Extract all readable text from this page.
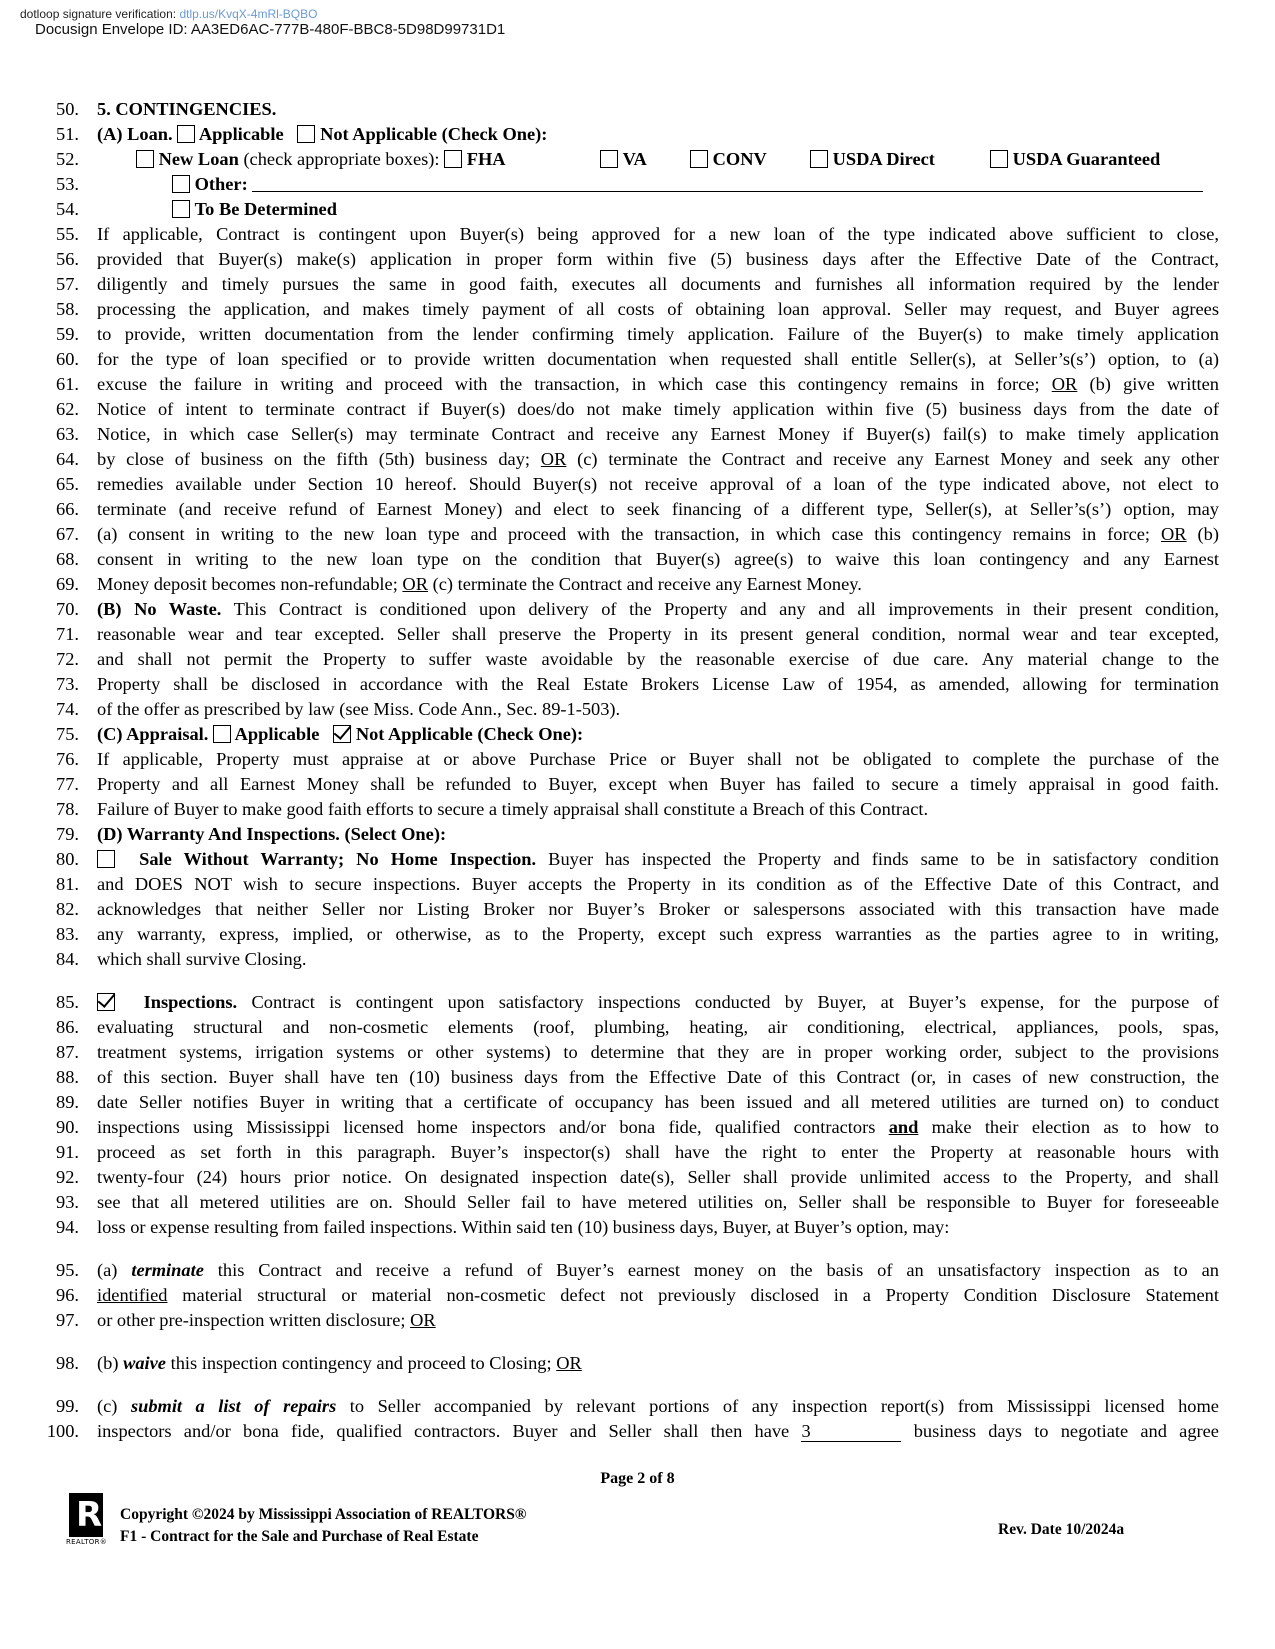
dotloop signature verification: dtlp.us/KvqX-4mRl-BQBO
Docusign Envelope ID: AA3ED6AC-777B-480F-BBC8-5D98D99731D1
50. 5. CONTINGENCIES.
51. (A) Loan. Applicable Not Applicable (Check One):
52.	New Loan (check appropriate boxes): FHA	VA	CONV	USDA Direct	USDA Guaranteed
53.	Other:
54.	To Be Determined
55. If applicable, Contract is contingent upon Buyer(s) being approved for a new loan of the type indicated above sufficient to close,
56. provided that Buyer(s) make(s) application in proper form within five (5) business days after the Effective Date of the Contract,
57. diligently and timely pursues the same in good faith, executes all documents and furnishes all information required by the lender
58. processing the application, and makes timely payment of all costs of obtaining loan approval. Seller may request, and Buyer agrees
59. to provide, written documentation from the lender confirming timely application. Failure of the Buyer(s) to make timely application
60. for the type of loan specified or to provide written documentation when requested shall entitle Seller(s), at Seller’s(s’) option, to (a)
61. excuse the failure in writing and proceed with the transaction, in which case this contingency remains in force; OR (b) give written
62. Notice of intent to terminate contract if Buyer(s) does/do not make timely application within five (5) business days from the date of
63. Notice, in which case Seller(s) may terminate Contract and receive any Earnest Money if Buyer(s) fail(s) to make timely application
64. by close of business on the fifth (5th) business day; OR (c) terminate the Contract and receive any Earnest Money and seek any other
65. remedies available under Section 10 hereof. Should Buyer(s) not receive approval of a loan of the type indicated above, not elect to
66. terminate (and receive refund of Earnest Money) and elect to seek financing of a different type, Seller(s), at Seller’s(s’) option, may
67. (a) consent in writing to the new loan type and proceed with the transaction, in which case this contingency remains in force; OR (b)
68. consent in writing to the new loan type on the condition that Buyer(s) agree(s) to waive this loan contingency and any Earnest
69. Money deposit becomes non-refundable; OR (c) terminate the Contract and receive any Earnest Money.
70. (B) No Waste. This Contract is conditioned upon delivery of the Property and any and all improvements in their present condition,
71. reasonable wear and tear excepted. Seller shall preserve the Property in its present general condition, normal wear and tear excepted,
72. and shall not permit the Property to suffer waste avoidable by the reasonable exercise of due care. Any material change to the
73. Property shall be disclosed in accordance with the Real Estate Brokers License Law of 1954, as amended, allowing for termination
74. of the offer as prescribed by law (see Miss. Code Ann., Sec. 89-1-503).
75. (C) Appraisal. Applicable Not Applicable (Check One):
76. If applicable, Property must appraise at or above Purchase Price or Buyer shall not be obligated to complete the purchase of the
77. Property and all Earnest Money shall be refunded to Buyer, except when Buyer has failed to secure a timely appraisal in good faith.
78. Failure of Buyer to make good faith efforts to secure a timely appraisal shall constitute a Breach of this Contract.
79. (D) Warranty And Inspections. (Select One):
80.	Sale Without Warranty; No Home Inspection. Buyer has inspected the Property and finds same to be in satisfactory condition
81. and DOES NOT wish to secure inspections. Buyer accepts the Property in its condition as of the Effective Date of this Contract, and
82. acknowledges that neither Seller nor Listing Broker nor Buyer’s Broker or salespersons associated with this transaction have made
83. any warranty, express, implied, or otherwise, as to the Property, except such express warranties as the parties agree to in writing,
84. which shall survive Closing.
85.	Inspections. Contract is contingent upon satisfactory inspections conducted by Buyer, at Buyer’s expense, for the purpose of
86. evaluating structural and non-cosmetic elements (roof, plumbing, heating, air conditioning, electrical, appliances, pools, spas,
87. treatment systems, irrigation systems or other systems) to determine that they are in proper working order, subject to the provisions
88. of this section. Buyer shall have ten (10) business days from the Effective Date of this Contract (or, in cases of new construction, the
89. date Seller notifies Buyer in writing that a certificate of occupancy has been issued and all metered utilities are turned on) to conduct
90. inspections using Mississippi licensed home inspectors and/or bona fide, qualified contractors and make their election as to how to
91. proceed as set forth in this paragraph. Buyer’s inspector(s) shall have the right to enter the Property at reasonable hours with
92. twenty-four (24) hours prior notice. On designated inspection date(s), Seller shall provide unlimited access to the Property, and shall
93. see that all metered utilities are on. Should Seller fail to have metered utilities on, Seller shall be responsible to Buyer for foreseeable
94. loss or expense resulting from failed inspections. Within said ten (10) business days, Buyer, at Buyer’s option, may:
95. (a) terminate this Contract and receive a refund of Buyer’s earnest money on the basis of an unsatisfactory inspection as to an
96. identified material structural or material non-cosmetic defect not previously disclosed in a Property Condition Disclosure Statement
97. or other pre-inspection written disclosure; OR
98. (b) waive this inspection contingency and proceed to Closing; OR
99. (c) submit a list of repairs to Seller accompanied by relevant portions of any inspection report(s) from Mississippi licensed home
100. inspectors and/or bona fide, qualified contractors. Buyer and Seller shall then have 3	business days to negotiate and agree
Page 2 of 8
R
REALTOR®
Copyright ©2024 by Mississippi Association of REALTORS®
F1 - Contract for the Sale and Purchase of Real Estate	Rev. Date 10/2024a
